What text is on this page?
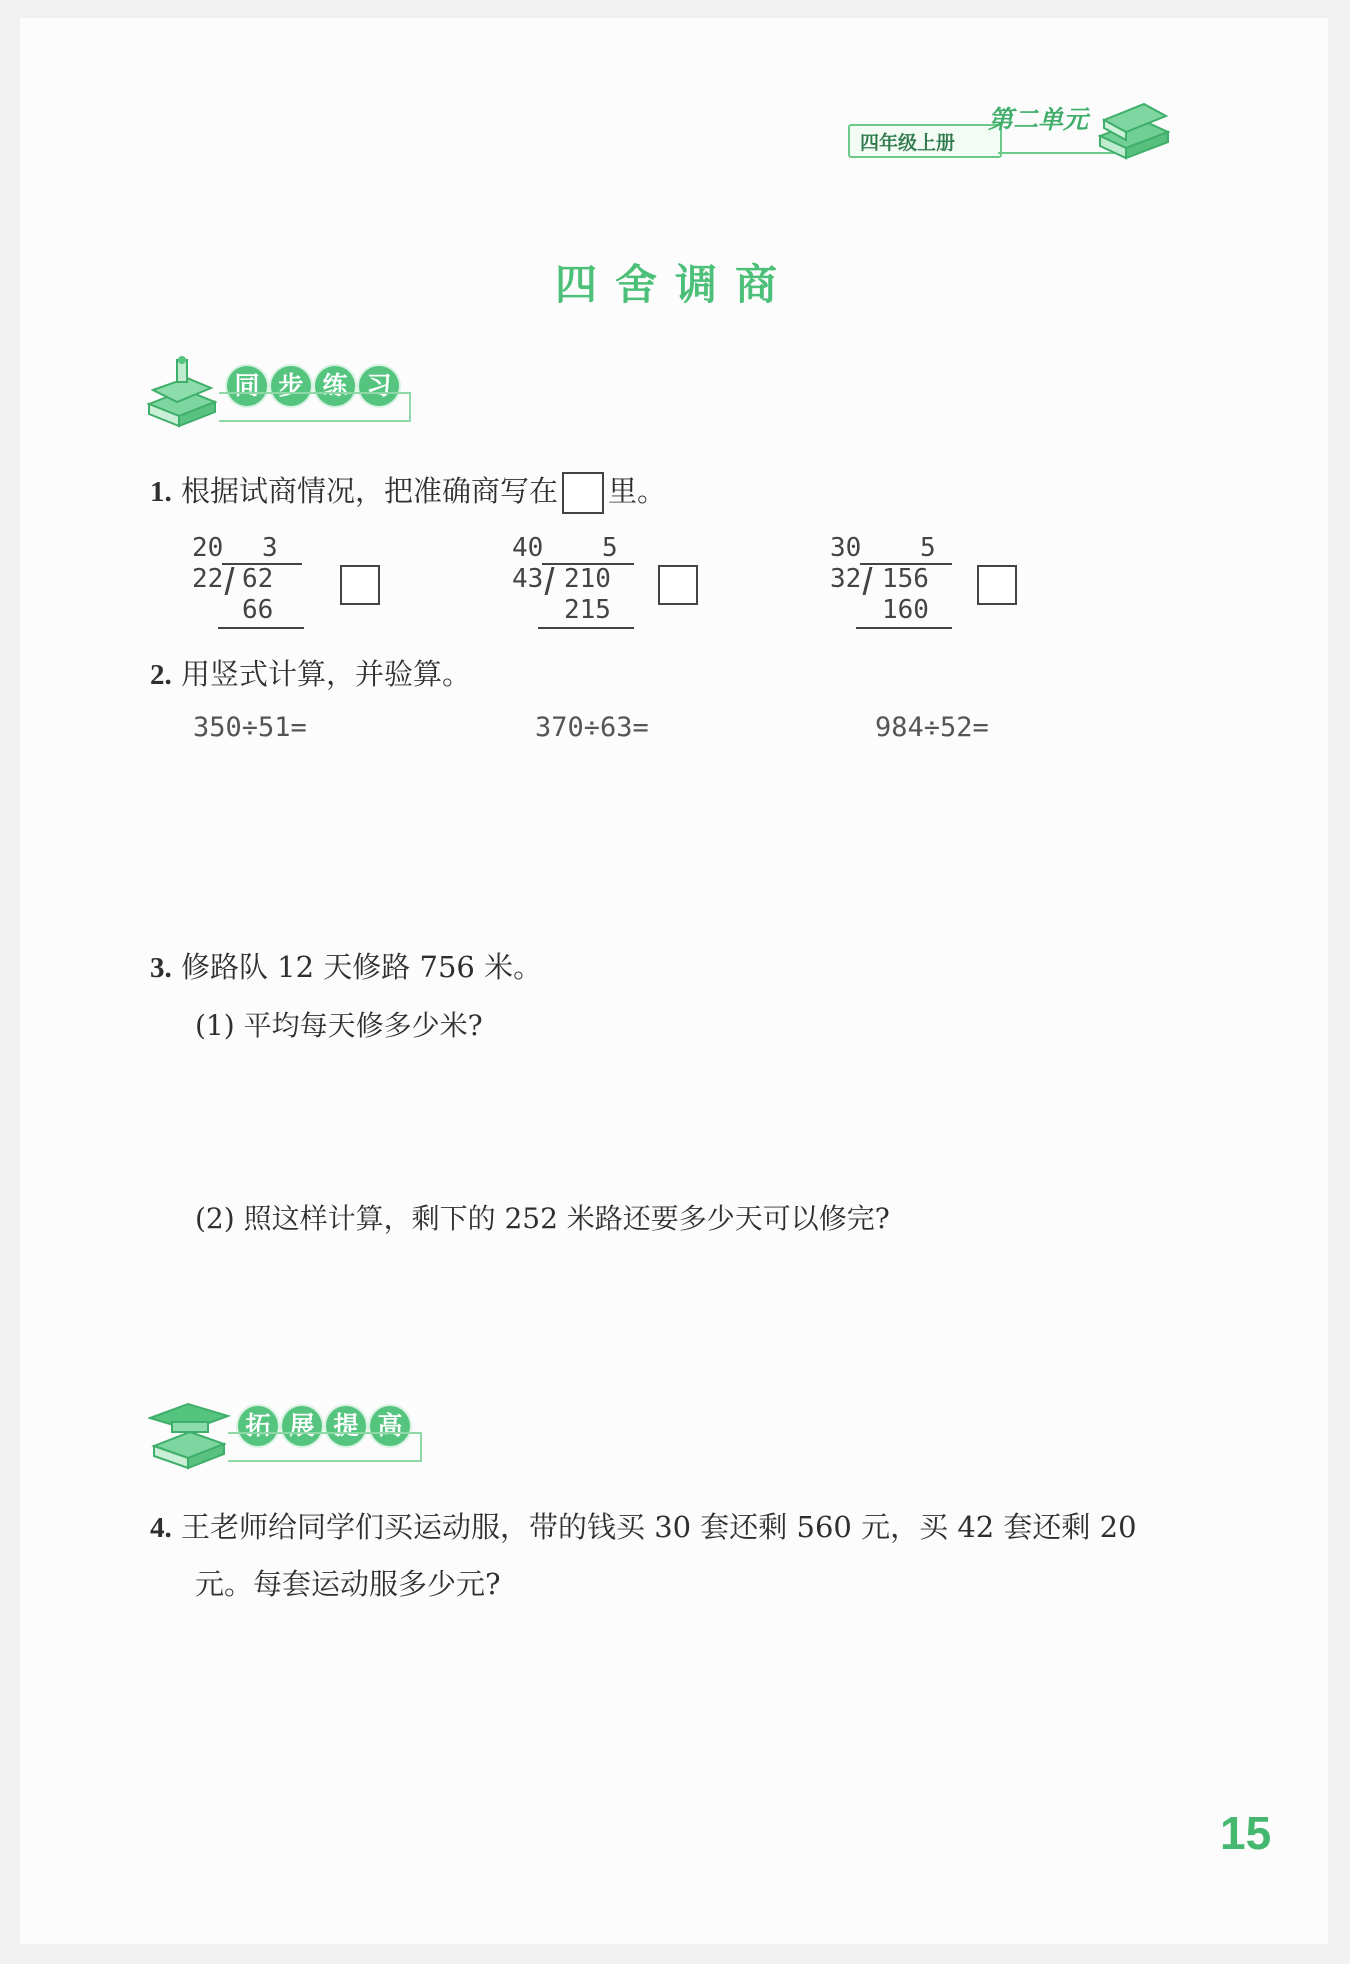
四年级上册
第二单元
四舍调商
同 步 练 习
1. 根据试商情况，把准确商写在 里。
20 3
22 62
66
40 5
43 210
215
30 5
32 156
160
2. 用竖式计算，并验算。
350÷51=	370÷63=	984÷52=
3. 修路队 12 天修路 756 米。
(1) 平均每天修多少米?
(2) 照这样计算，剩下的 252 米路还要多少天可以修完?
拓 展 提 高
4. 王老师给同学们买运动服，带的钱买 30 套还剩 560 元，买 42 套还剩 20
元。每套运动服多少元?
15
